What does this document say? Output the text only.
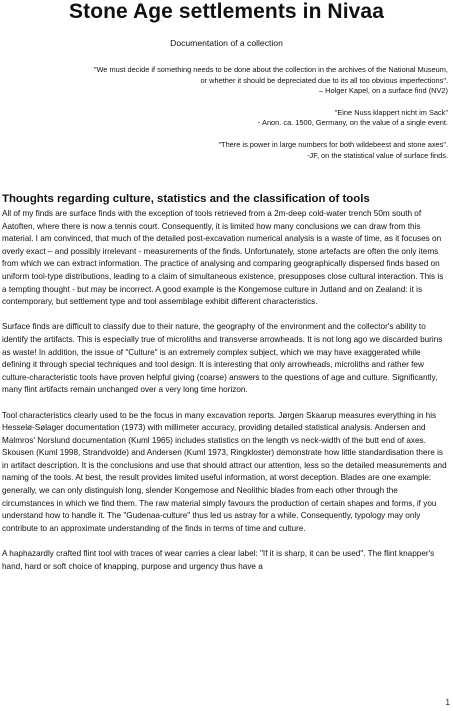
Stone Age settlements in Nivaa
Documentation of a collection

"We must decide if something needs to be done about the collection in the archives of the National Museum,

or whether it should be depreciated due to its all too obvious imperfections".

– Holger Kapel, on a surface find (NV2)

"Eine Nuss klappert nicht im Sack"

- Anon. ca. 1500, Germany, on the value of a single event.

"There is power in large numbers for both wildebeest and stone axes".

-JF, on the statistical value of surface finds.

Thoughts regarding culture, statistics and the classification of tools

All of my finds are surface finds with the exception of tools retrieved from a 2m-deep cold-water trench 50m south of Aatoften, where there is now a tennis court. Consequently, it is limited how many conclusions we can draw from this material. I am convinced, that much of the detailed post-excavation numerical analysis is a waste of time, as it focuses on overly exact – and possibly irrelevant - measurements of the finds. Unfortunately, stone artefacts are often the only items from which we can extract information. The practice of analysing and comparing geographically dispersed finds based on uniform tool-type distributions, leading to a claim of simultaneous existence, presupposes close cultural interaction. This is a tempting thought - but may be incorrect. A good example is the Kongemose culture in Jutland and on Zealand: it is contemporary, but settlement type and tool assemblage exhibit different characteristics.

Surface finds are difficult to classify due to their nature, the geography of the environment and the collector's ability to identify the artifacts. This is especially true of microliths and transverse arrowheads. It is not long ago we discarded burins as waste! In addition, the issue of "Culture" is an extremely complex subject, which we may have exaggerated while defining it through special techniques and tool design. It is interesting that only arrowheads, microliths and rather few culture-characteristic tools have proven helpful giving (coarse) answers to the questions of age and culture. Significantly, many flint artifacts remain unchanged over a very long time horizon.

Tool characteristics clearly used to be the focus in many excavation reports. Jørgen Skaarup measures everything in his Hesselø-Sølager documentation (1973) with millimeter accuracy, providing detailed statistical analysis. Andersen and Malmros' Norslund documentation (Kuml 1965) includes statistics on the length vs neck-width of the butt end of axes. Skousen (Kuml 1998, Strandvolde) and Andersen (Kuml 1973, Ringkloster) demonstrate how little standardisation there is in artifact description. It is the conclusions and use that should attract our attention, less so the detailed measurements and naming of the tools. At best, the result provides limited useful information, at worst deception. Blades are one example: generally, we can only distinguish long, slender Kongemose and Neolithic blades from each other through the circumstances in which we find them. The raw material simply favours the production of certain shapes and forms, if you understand how to handle it. The "Gudenaa-culture" thus led us astray for a while. Consequently, typology may only contribute to an approximate understanding of the finds in terms of time and culture.

A haphazardly crafted flint tool with traces of wear carries a clear label: "If it is sharp, it can be used". The flint knapper's hand, hard or soft choice of knapping, purpose and urgency thus have a

1
